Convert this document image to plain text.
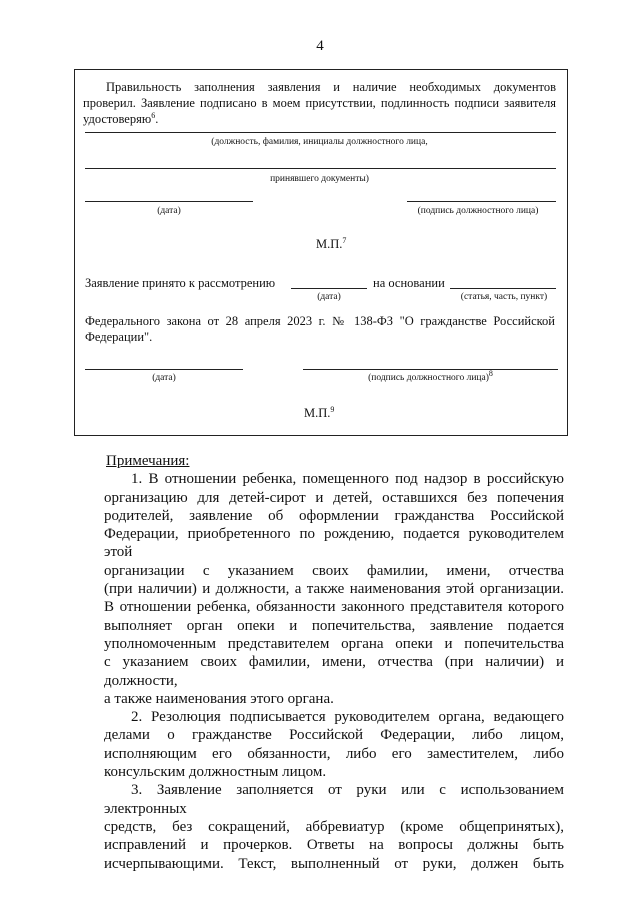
4
Правильность заполнения заявления и наличие необходимых документов
проверил. Заявление подписано в моем присутствии, подлинность подписи заявителя
удостоверяю$^6$.
(должность, фамилия, инициалы должностного лица,
принявшего документы)
(дата)	(подпись должностного лица)
М.П.$^7$
Заявление принято к рассмотрению	на основании
(дата)	(статья, часть, пункт)
Федерального закона от 28 апреля 2023 г. № 138-ФЗ "О гражданстве Российской
Федерации".
(дата)	(подпись должностного лица)$^8$
М.П.$^9$

Примечания:

1. В отношении ребенка, помещенного под надзор в российскую

организацию для детей-сирот и детей, оставшихся без попечения

родителей, заявление об оформлении гражданства Российской

Федерации, приобретенного по рождению, подается руководителем этой

организации с указанием своих фамилии, имени, отчества

(при наличии) и должности, а также наименования этой организации.

В отношении ребенка, обязанности законного представителя которого

выполняет орган опеки и попечительства, заявление подается

уполномоченным представителем органа опеки и попечительства

с указанием своих фамилии, имени, отчества (при наличии) и должности,

а также наименования этого органа.

2. Резолюция подписывается руководителем органа, ведающего

делами о гражданстве Российской Федерации, либо лицом,

исполняющим его обязанности, либо его заместителем, либо

консульским должностным лицом.

3. Заявление заполняется от руки или с использованием электронных

средств, без сокращений, аббревиатур (кроме общепринятых),

исправлений и прочерков. Ответы на вопросы должны быть

исчерпывающими. Текст, выполненный от руки, должен быть
